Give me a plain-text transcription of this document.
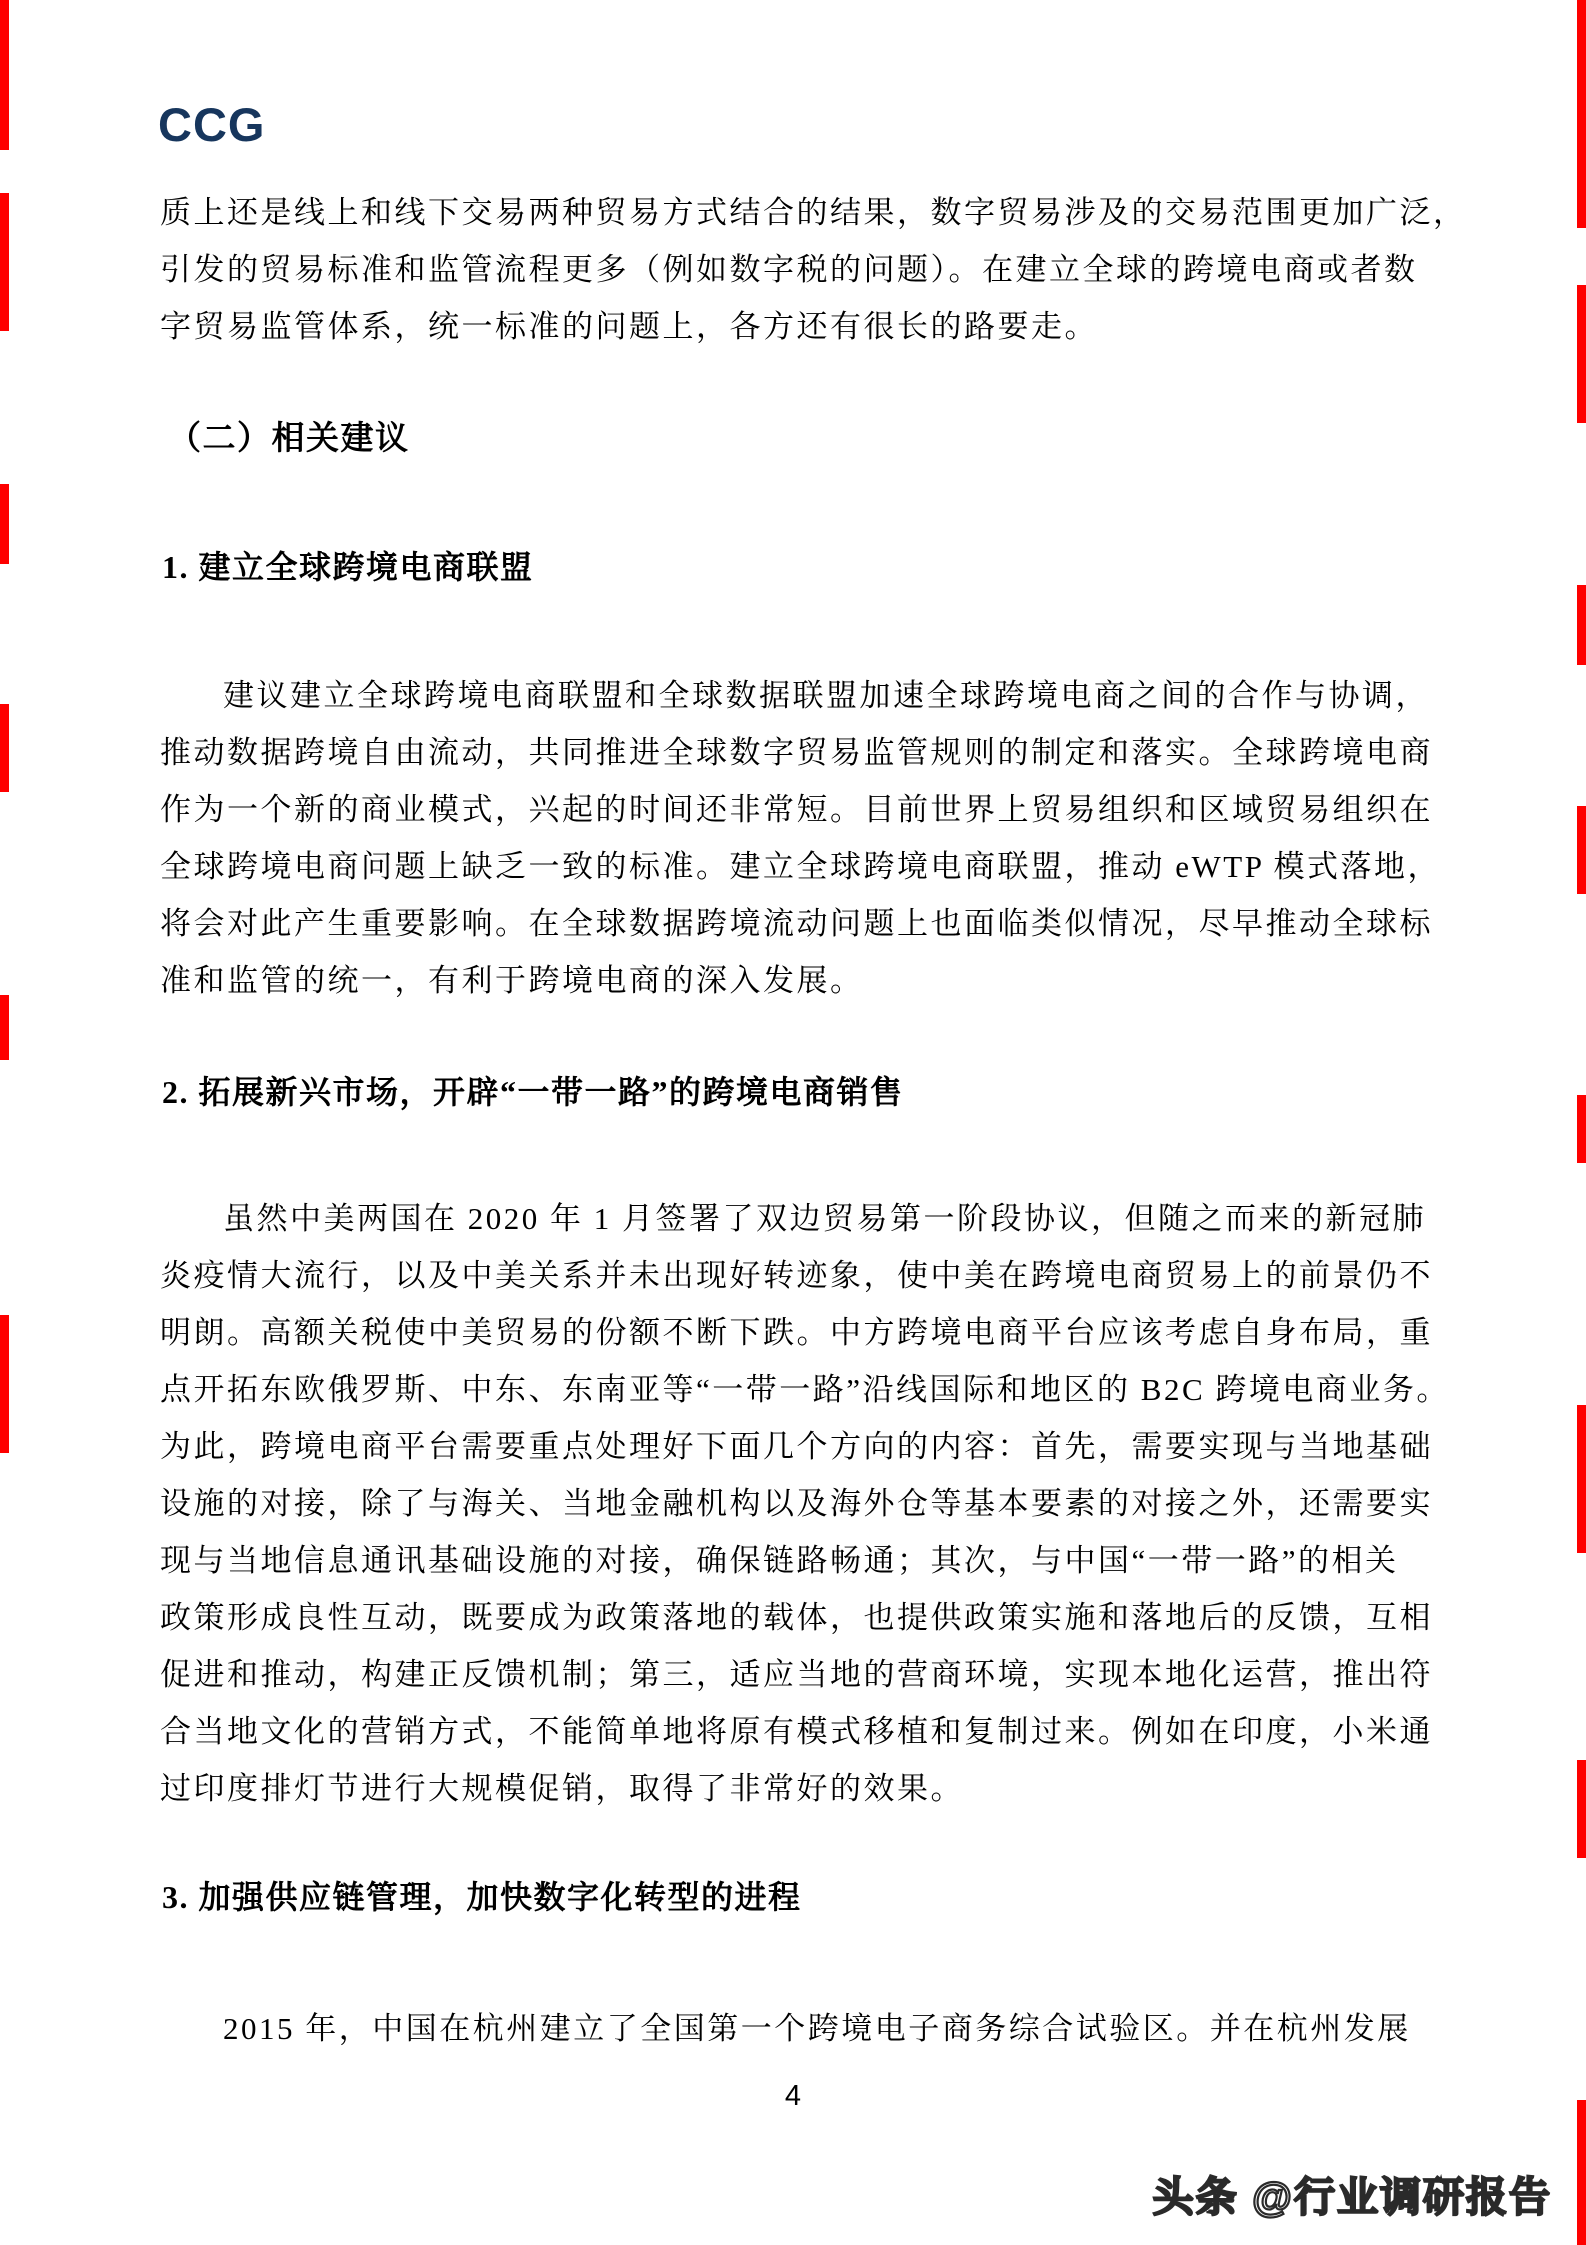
CCG
质上还是线上和线下交易两种贸易方式结合的结果，数字贸易涉及的交易范围更加广泛，
引发的贸易标准和监管流程更多（例如数字税的问题）。在建立全球的跨境电商或者数
字贸易监管体系，统一标准的问题上，各方还有很长的路要走。
（二）相关建议
1. 建立全球跨境电商联盟
建议建立全球跨境电商联盟和全球数据联盟加速全球跨境电商之间的合作与协调，
推动数据跨境自由流动，共同推进全球数字贸易监管规则的制定和落实。全球跨境电商
作为一个新的商业模式，兴起的时间还非常短。目前世界上贸易组织和区域贸易组织在
全球跨境电商问题上缺乏一致的标准。建立全球跨境电商联盟，推动 eWTP 模式落地，
将会对此产生重要影响。在全球数据跨境流动问题上也面临类似情况，尽早推动全球标
准和监管的统一，有利于跨境电商的深入发展。
2. 拓展新兴市场，开辟“一带一路”的跨境电商销售
虽然中美两国在 2020 年 1 月签署了双边贸易第一阶段协议，但随之而来的新冠肺
炎疫情大流行，以及中美关系并未出现好转迹象，使中美在跨境电商贸易上的前景仍不
明朗。高额关税使中美贸易的份额不断下跌。中方跨境电商平台应该考虑自身布局，重
点开拓东欧俄罗斯、中东、东南亚等“一带一路”沿线国际和地区的 B2C 跨境电商业务。
为此，跨境电商平台需要重点处理好下面几个方向的内容：首先，需要实现与当地基础
设施的对接，除了与海关、当地金融机构以及海外仓等基本要素的对接之外，还需要实
现与当地信息通讯基础设施的对接，确保链路畅通；其次，与中国“一带一路”的相关
政策形成良性互动，既要成为政策落地的载体，也提供政策实施和落地后的反馈，互相
促进和推动，构建正反馈机制；第三，适应当地的营商环境，实现本地化运营，推出符
合当地文化的营销方式，不能简单地将原有模式移植和复制过来。例如在印度，小米通
过印度排灯节进行大规模促销，取得了非常好的效果。
3. 加强供应链管理，加快数字化转型的进程
2015 年，中国在杭州建立了全国第一个跨境电子商务综合试验区。并在杭州发展
4
头条 @行业调研报告
